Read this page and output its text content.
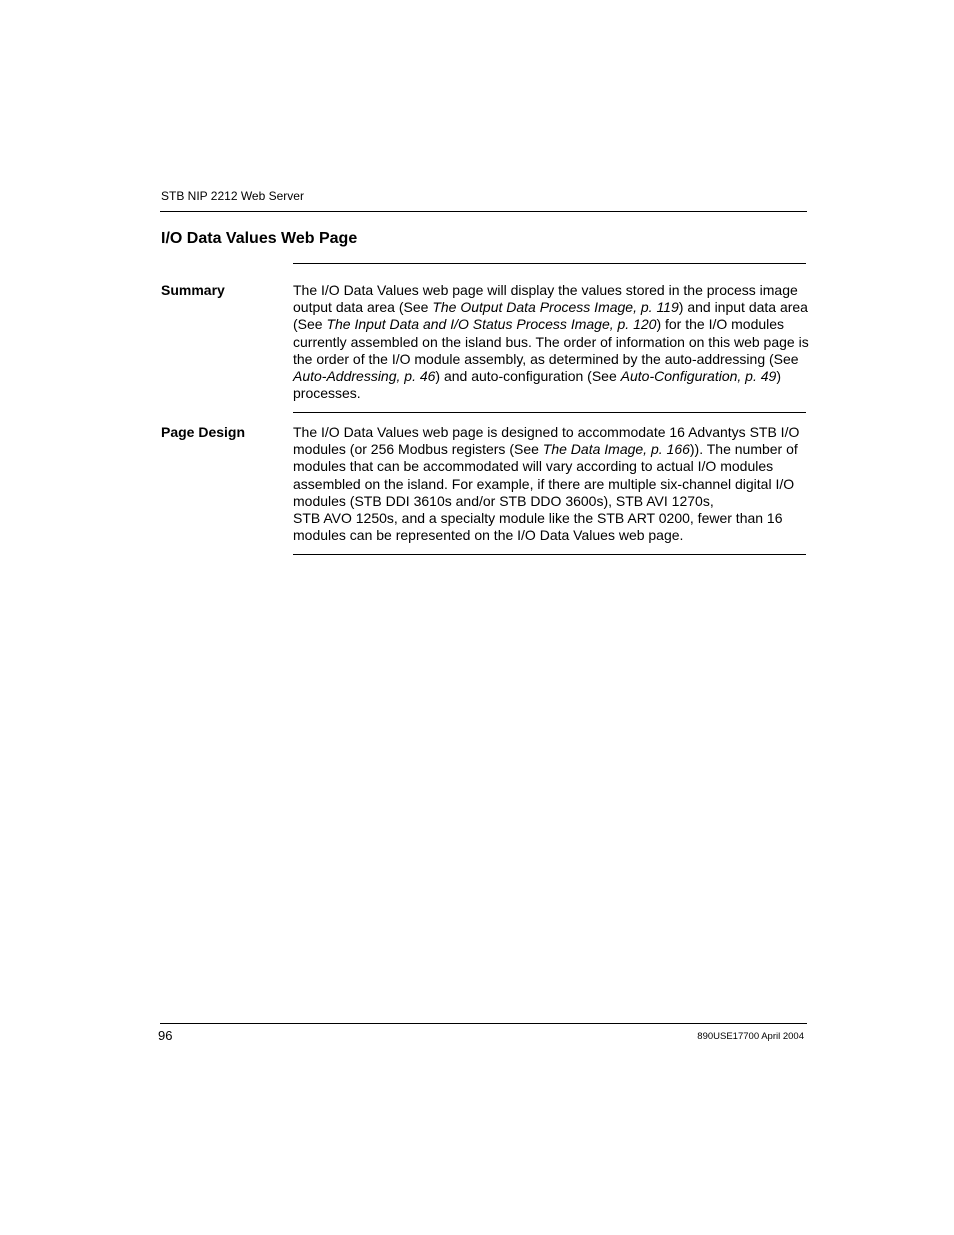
STB NIP 2212 Web Server
I/O Data Values Web Page
Summary	The I/O Data Values web page will display the values stored in the process image
output data area (See The Output Data Process Image, p. 119) and input data area
(See The Input Data and I/O Status Process Image, p. 120) for the I/O modules
currently assembled on the island bus. The order of information on this web page is
the order of the I/O module assembly, as determined by the auto-addressing (See
Auto-Addressing, p. 46) and auto-configuration (See Auto-Configuration, p. 49)
processes.

Page Design	The I/O Data Values web page is designed to accommodate 16 Advantys STB I/O
modules (or 256 Modbus registers (See The Data Image, p. 166)). The number of
modules that can be accommodated will vary according to actual I/O modules
assembled on the island. For example, if there are multiple six-channel digital I/O
modules (STB DDI 3610s and/or STB DDO 3600s), STB AVI 1270s,
STB AVO 1250s, and a specialty module like the STB ART 0200, fewer than 16
modules can be represented on the I/O Data Values web page.

96	890USE17700 April 2004
